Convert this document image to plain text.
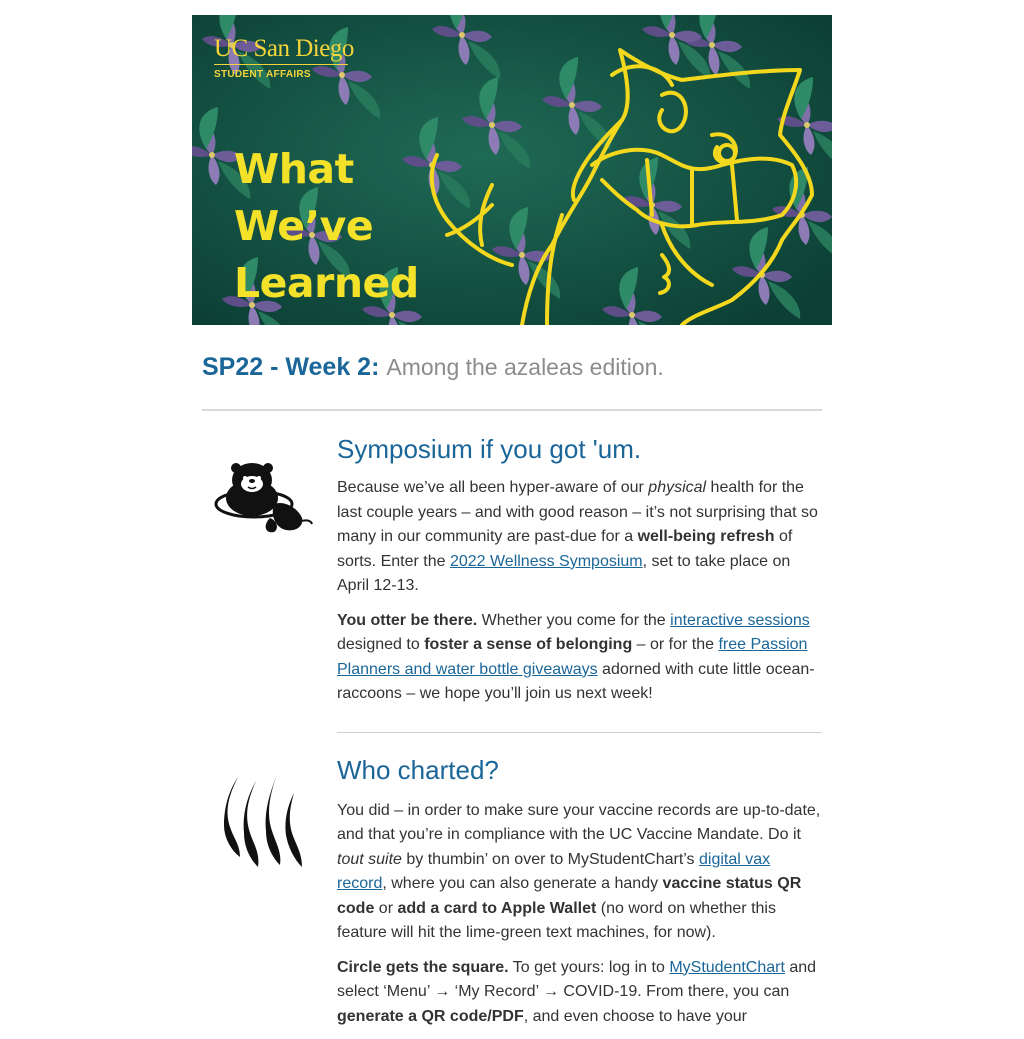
UC San Diego
STUDENT AFFAIRS
What
We’ve
Learned
SP22 - Week 2: Among the azaleas edition.
Symposium if you got 'um.

Because we’ve all been hyper-aware of our physical health for the last couple years – and with good reason – it’s not surprising that so many in our community are past-due for a well-being refresh of sorts. Enter the 2022 Wellness Symposium, set to take place on April 12-13.

You otter be there. Whether you come for the interactive sessions designed to foster a sense of belonging – or for the free Passion Planners and water bottle giveaways adorned with cute little ocean-raccoons – we hope you’ll join us next week!

Who charted?

You did – in order to make sure your vaccine records are up-to-date, and that you’re in compliance with the UC Vaccine Mandate. Do it tout suite by thumbin’ on over to MyStudentChart’s digital vax record, where you can also generate a handy vaccine status QR code or add a card to Apple Wallet (no word on whether this feature will hit the lime-green text machines, for now).

Circle gets the square. To get yours: log in to MyStudentChart and select ‘Menu’ → ‘My Record’ → COVID-19. From there, you can generate a QR code/PDF, and even choose to have your
